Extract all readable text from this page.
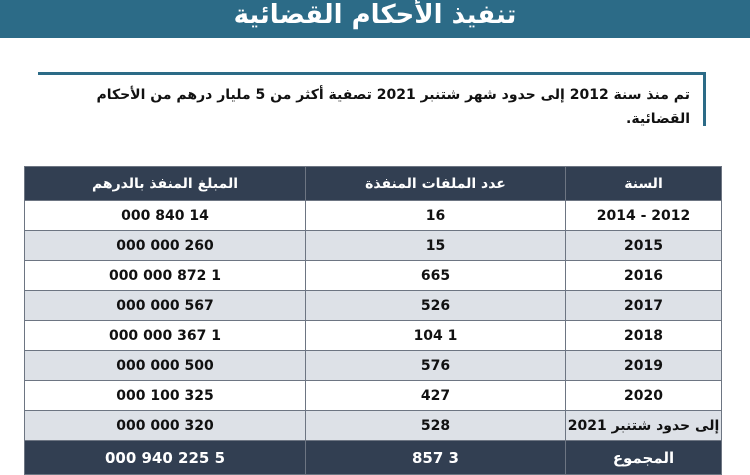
تنفيذ الأحكام القضائية
تم منذ سنة 2012 إلى حدود شهر شتنبر 2021 تصفية أكثر من 5 مليار درهم من الأحكام القضائية.
السنة	عدد الملفات المنفذة	المبلغ المنفذ بالدرهم
2012 - 2014	16	14 840 000
2015	15	260 000 000
2016	665	1 872 000 000
2017	526	567 000 000
2018	1 104	1 367 000 000
2019	576	500 000 000
2020	427	325 100 000
إلى حدود شتنبر 2021	528	320 000 000
المجموع	3 857	5 225 940 000
